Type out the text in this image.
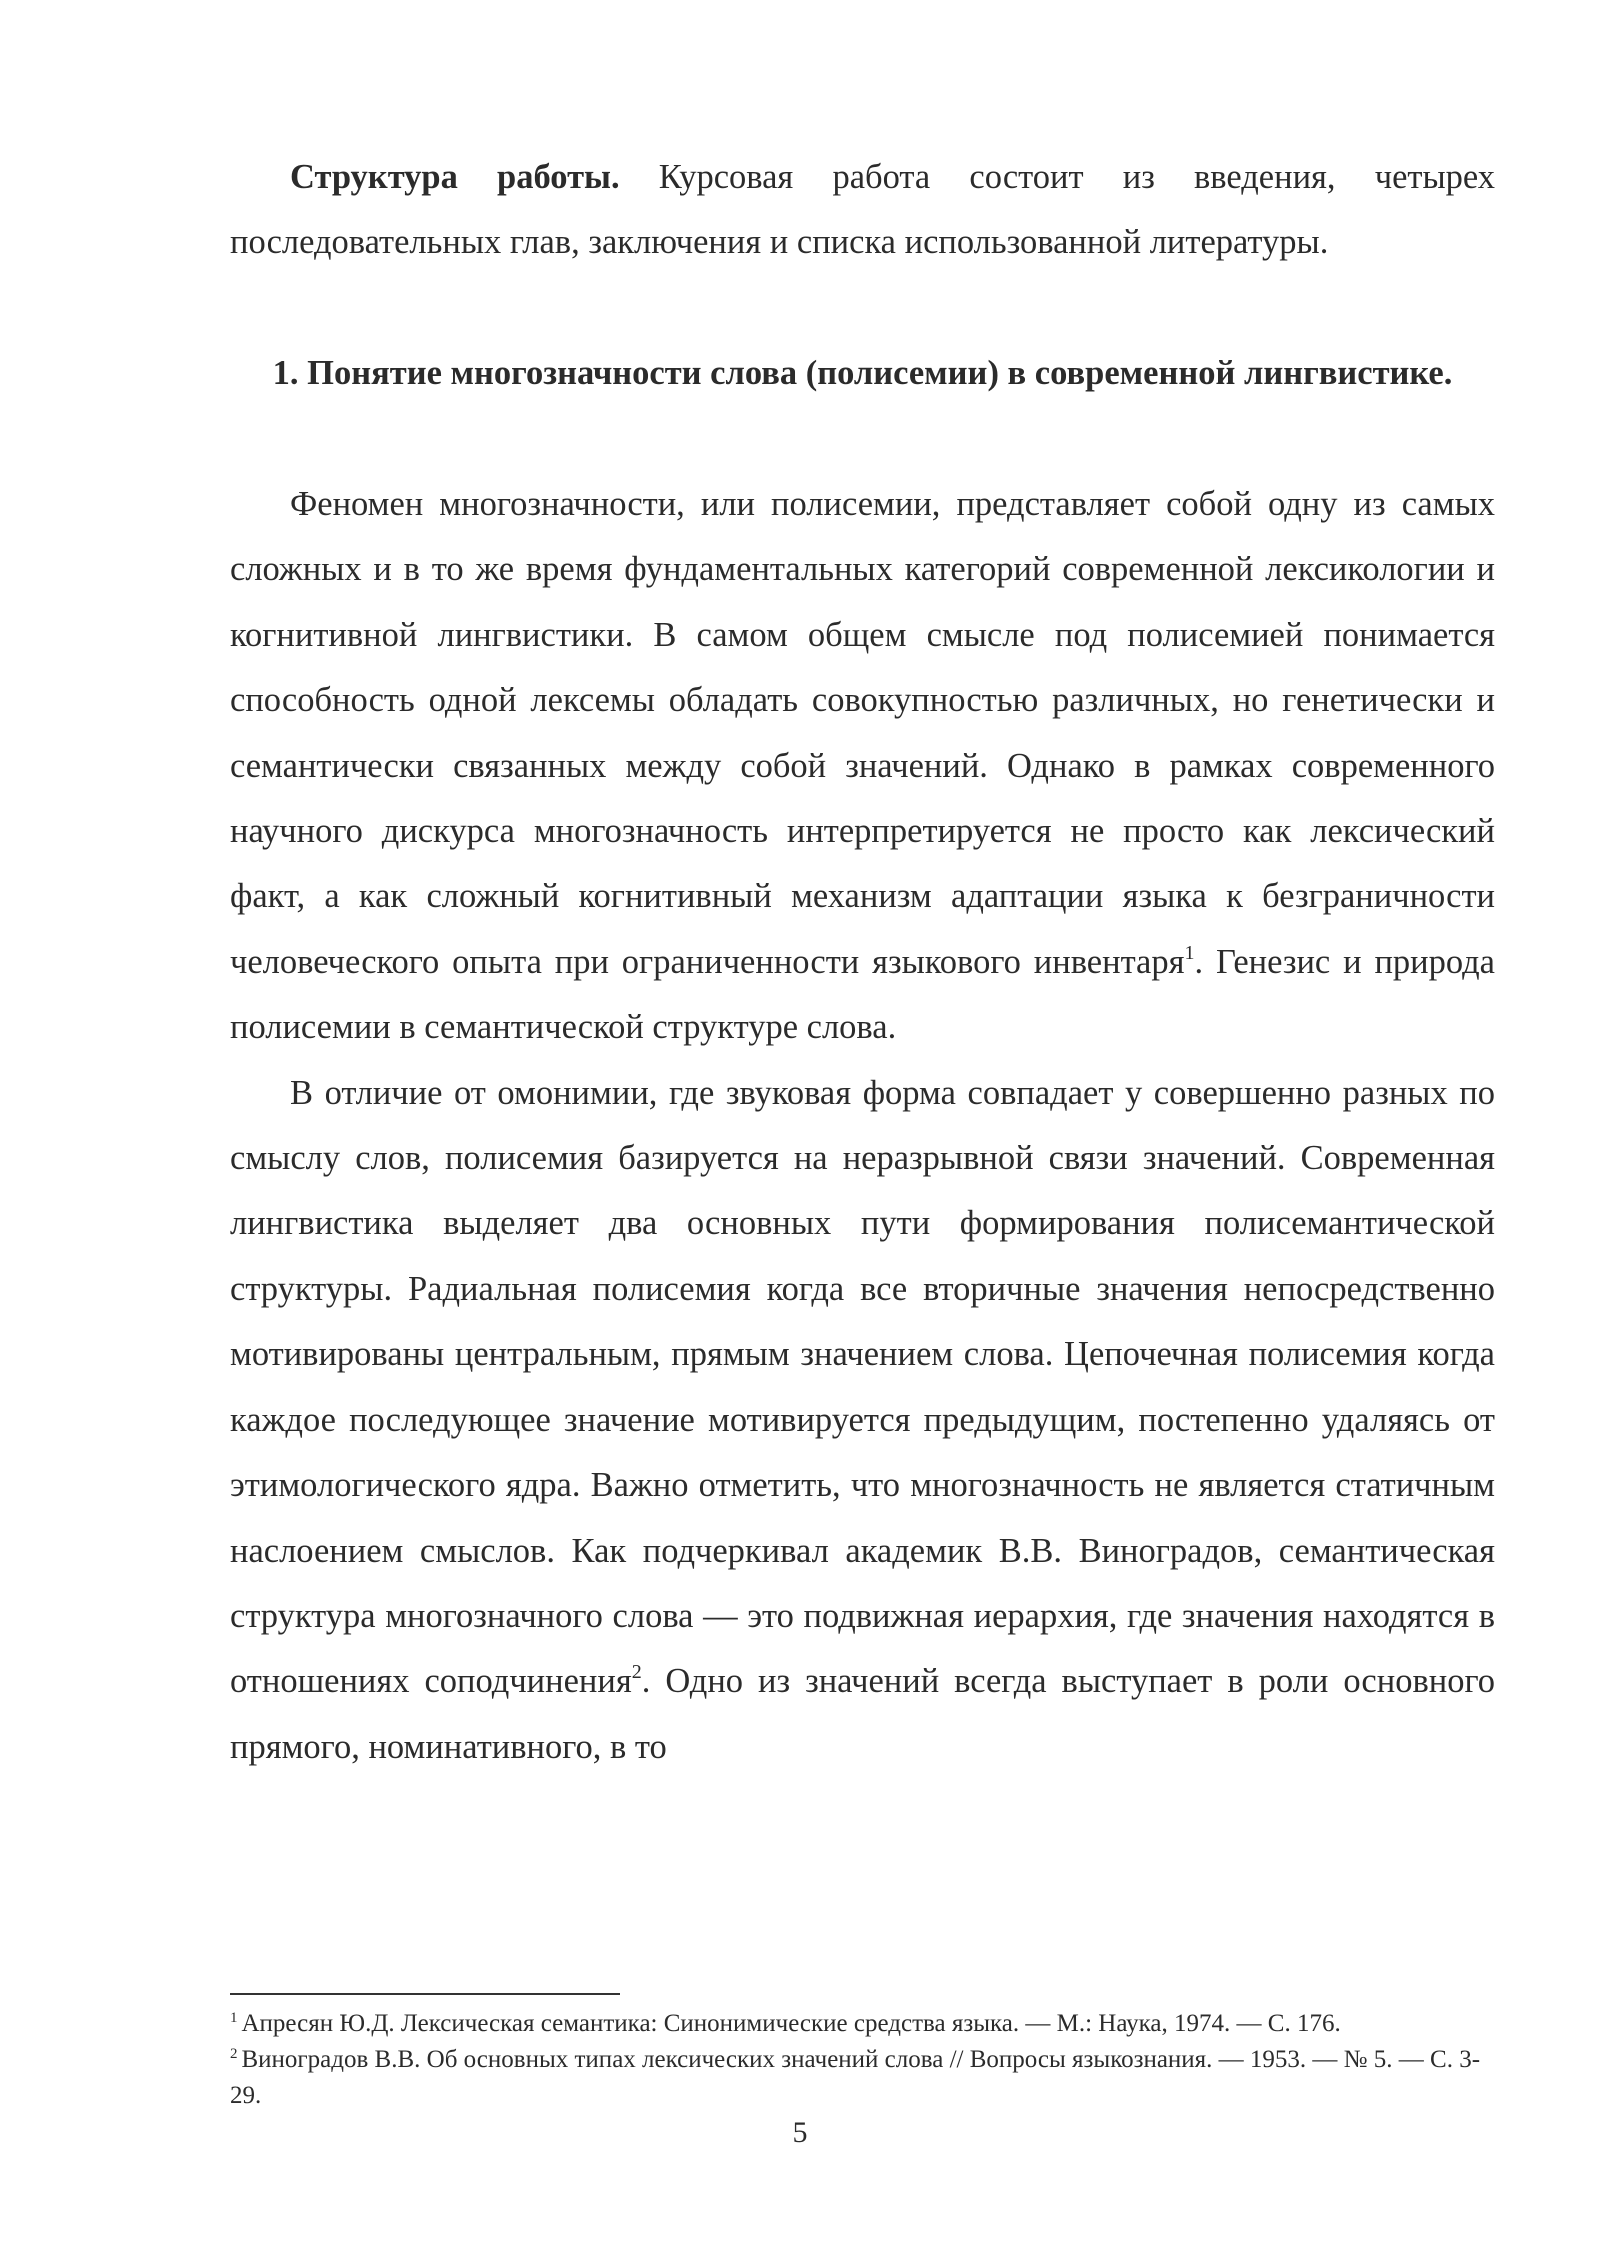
Структура работы. Курсовая работа состоит из введения, четырех последовательных глав, заключения и списка использованной литературы.

1. Понятие многозначности слова (полисемии) в современной лингвистике.

Феномен многозначности, или полисемии, представляет собой одну из самых сложных и в то же время фундаментальных категорий современной лексикологии и когнитивной лингвистики. В самом общем смысле под полисемией понимается способность одной лексемы обладать совокупностью различных, но генетически и семантически связанных между собой значений. Однако в рамках современного научного дискурса многозначность интерпретируется не просто как лексический факт, а как сложный когнитивный механизм адаптации языка к безграничности человеческого опыта при ограниченности языкового инвентаря$^1$. Генезис и природа полисемии в семантической структуре слова.

В отличие от омонимии, где звуковая форма совпадает у совершенно разных по смыслу слов, полисемия базируется на неразрывной связи значений. Современная лингвистика выделяет два основных пути формирования полисемантической структуры. Радиальная полисемия когда все вторичные значения непосредственно мотивированы центральным, прямым значением слова. Цепочечная полисемия когда каждое последующее значение мотивируется предыдущим, постепенно удаляясь от этимологического ядра. Важно отметить, что многозначность не является статичным наслоением смыслов. Как подчеркивал академик В.В. Виноградов, семантическая структура многозначного слова — это подвижная иерархия, где значения находятся в отношениях соподчинения$^2$. Одно из значений всегда выступает в роли основного прямого, номинативного, в то

$^1$ Апресян Ю.Д. Лексическая семантика: Синонимические средства языка. — М.: Наука, 1974. — С. 176.

$^2$ Виноградов В.В. Об основных типах лексических значений слова // Вопросы языкознания. — 1953. — № 5. — С. 3-29.

5
